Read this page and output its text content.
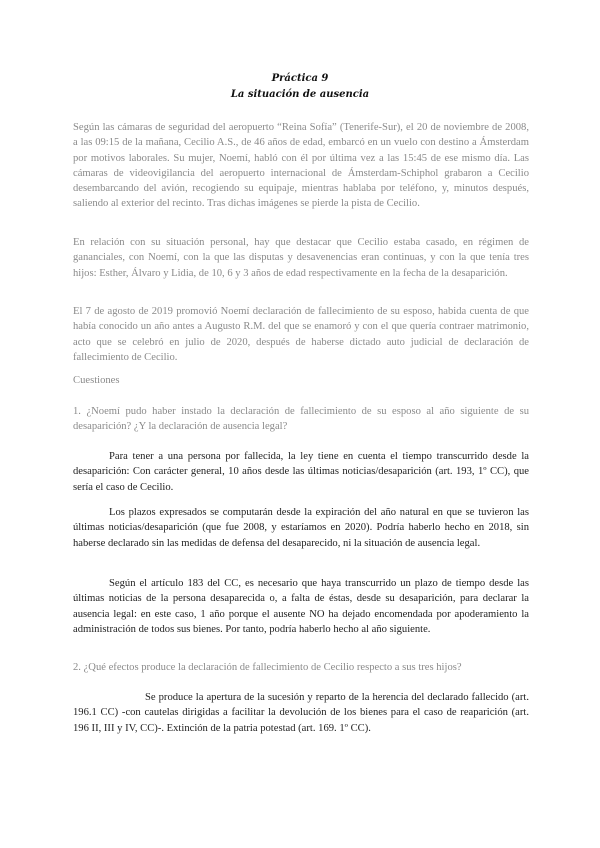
Práctica 9

La situación de ausencia

Según las cámaras de seguridad del aeropuerto “Reina Sofía” (Tenerife-Sur), el 20 de noviembre de 2008, a las 09:15 de la mañana, Cecilio A.S., de 46 años de edad, embarcó en un vuelo con destino a Ámsterdam por motivos laborales. Su mujer, Noemí, habló con él por última vez a las 15:45 de ese mismo día. Las cámaras de videovigilancia del aeropuerto internacional de Ámsterdam-Schiphol grabaron a Cecilio desembarcando del avión, recogiendo su equipaje, mientras hablaba por teléfono, y, minutos después, saliendo al exterior del recinto. Tras dichas imágenes se pierde la pista de Cecilio.

En relación con su situación personal, hay que destacar que Cecilio estaba casado, en régimen de gananciales, con Noemí, con la que las disputas y desavenencias eran continuas, y con la que tenía tres hijos: Esther, Álvaro y Lidia, de 10, 6 y 3 años de edad respectivamente en la fecha de la desaparición.

El 7 de agosto de 2019 promovió Noemí declaración de fallecimiento de su esposo, habida cuenta de que había conocido un año antes a Augusto R.M. del que se enamoró y con el que quería contraer matrimonio, acto que se celebró en julio de 2020, después de haberse dictado auto judicial de declaración de fallecimiento de Cecilio.

Cuestiones

1. ¿Noemí pudo haber instado la declaración de fallecimiento de su esposo al año siguiente de su desaparición? ¿Y la declaración de ausencia legal?

Para tener a una persona por fallecida, la ley tiene en cuenta el tiempo transcurrido desde la desaparición: Con carácter general, 10 años desde las últimas noticias/desaparición (art. 193, 1º CC), que sería el caso de Cecilio.

Los plazos expresados se computarán desde la expiración del año natural en que se tuvieron las últimas noticias/desaparición (que fue 2008, y estaríamos en 2020). Podría haberlo hecho en 2018, sin haberse declarado sin las medidas de defensa del desaparecido, ni la situación de ausencia legal.

Según el artículo 183 del CC, es necesario que haya transcurrido un plazo de tiempo desde las últimas noticias de la persona desaparecida o, a falta de éstas, desde su desaparición, para declarar la ausencia legal: en este caso, 1 año porque el ausente NO ha dejado encomendada por apoderamiento la administración de todos sus bienes. Por tanto, podría haberlo hecho al año siguiente.

2. ¿Qué efectos produce la declaración de fallecimiento de Cecilio respecto a sus tres hijos?

Se produce la apertura de la sucesión y reparto de la herencia del declarado fallecido (art. 196.1 CC) -con cautelas dirigidas a facilitar la devolución de los bienes para el caso de reaparición (art. 196 II, III y IV, CC)-. Extinción de la patria potestad (art. 169. 1º CC).
